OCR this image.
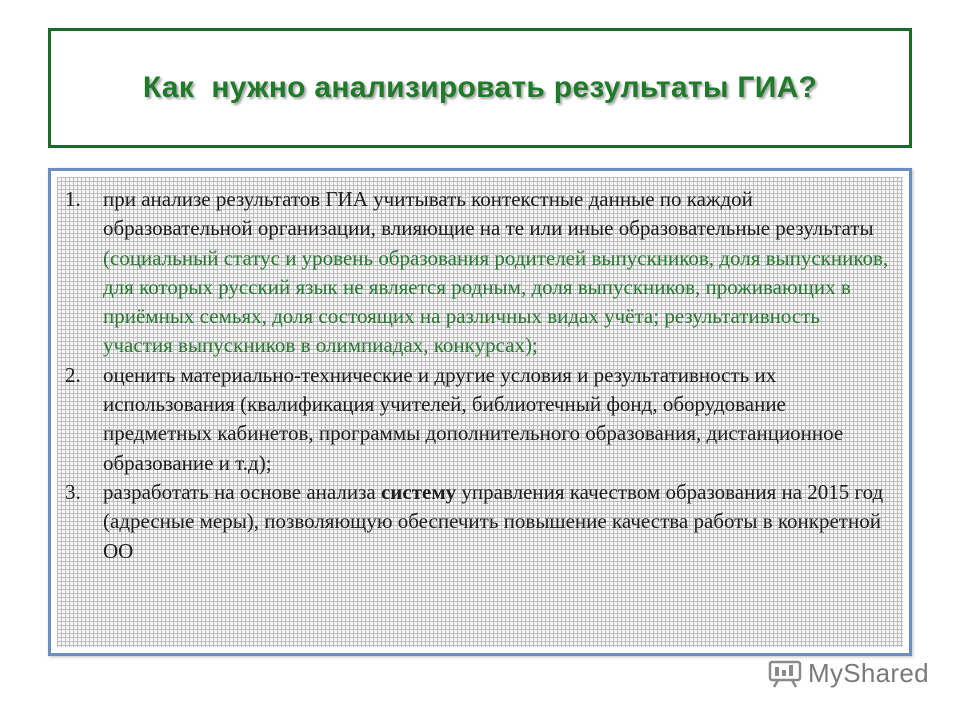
Как  нужно анализировать результаты ГИА?
1. при анализе результатов ГИА учитывать контекстные данные по каждой образовательной организации, влияющие на те или иные образовательные результаты (социальный статус и уровень образования родителей выпускников, доля выпускников, для которых русский язык не является родным, доля выпускников, проживающих в приёмных семьях, доля состоящих на различных видах учёта; результативность участия выпускников в олимпиадах, конкурсах);
2. оценить материально-технические и другие условия и результативность их использования (квалификация учителей, библиотечный фонд, оборудование предметных кабинетов, программы дополнительного образования, дистанционное образование и т.д);
3. разработать на основе анализа систему управления качеством образования на 2015 год (адресные меры), позволяющую обеспечить повышение качества работы в конкретной ОО
MyShared
